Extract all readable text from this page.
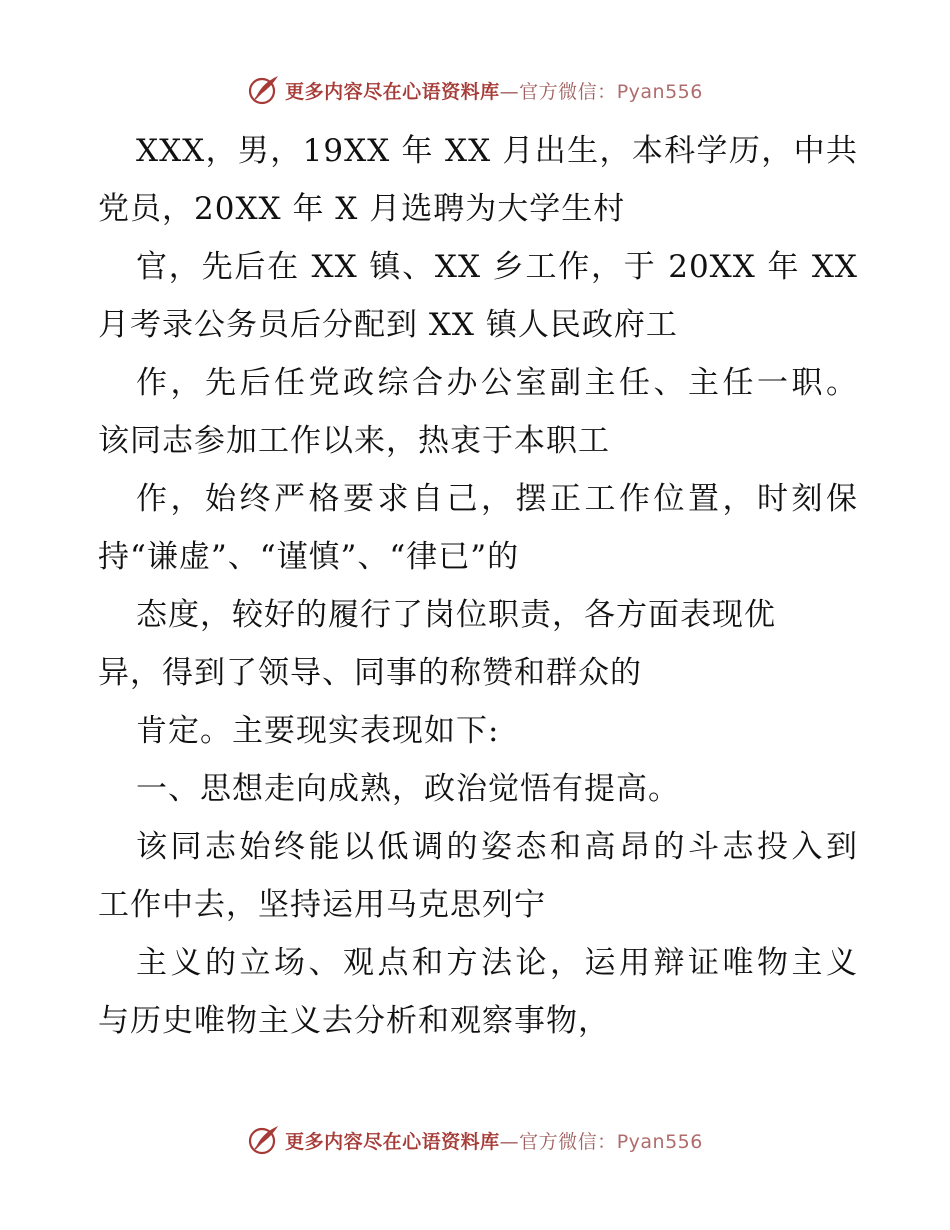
更多内容尽在心语资料库—官方微信：Pyan556
XXX，男，19XX 年 XX 月出生，本科学历，中共
党员，20XX 年 X 月选聘为大学生村
官，先后在 XX 镇、XX 乡工作，于 20XX 年 XX
月考录公务员后分配到 XX 镇人民政府工
作，先后任党政综合办公室副主任、主任一职。
该同志参加工作以来，热衷于本职工
作，始终严格要求自己，摆正工作位置，时刻保
持“谦虚”、“谨慎”、“律已”的
态度，较好的履行了岗位职责，各方面表现优
异，得到了领导、同事的称赞和群众的
肯定。主要现实表现如下:
一、思想走向成熟，政治觉悟有提高。
该同志始终能以低调的姿态和高昂的斗志投入到
工作中去，坚持运用马克思列宁
主义的立场、观点和方法论，运用辩证唯物主义
与历史唯物主义去分析和观察事物，
更多内容尽在心语资料库—官方微信：Pyan556
